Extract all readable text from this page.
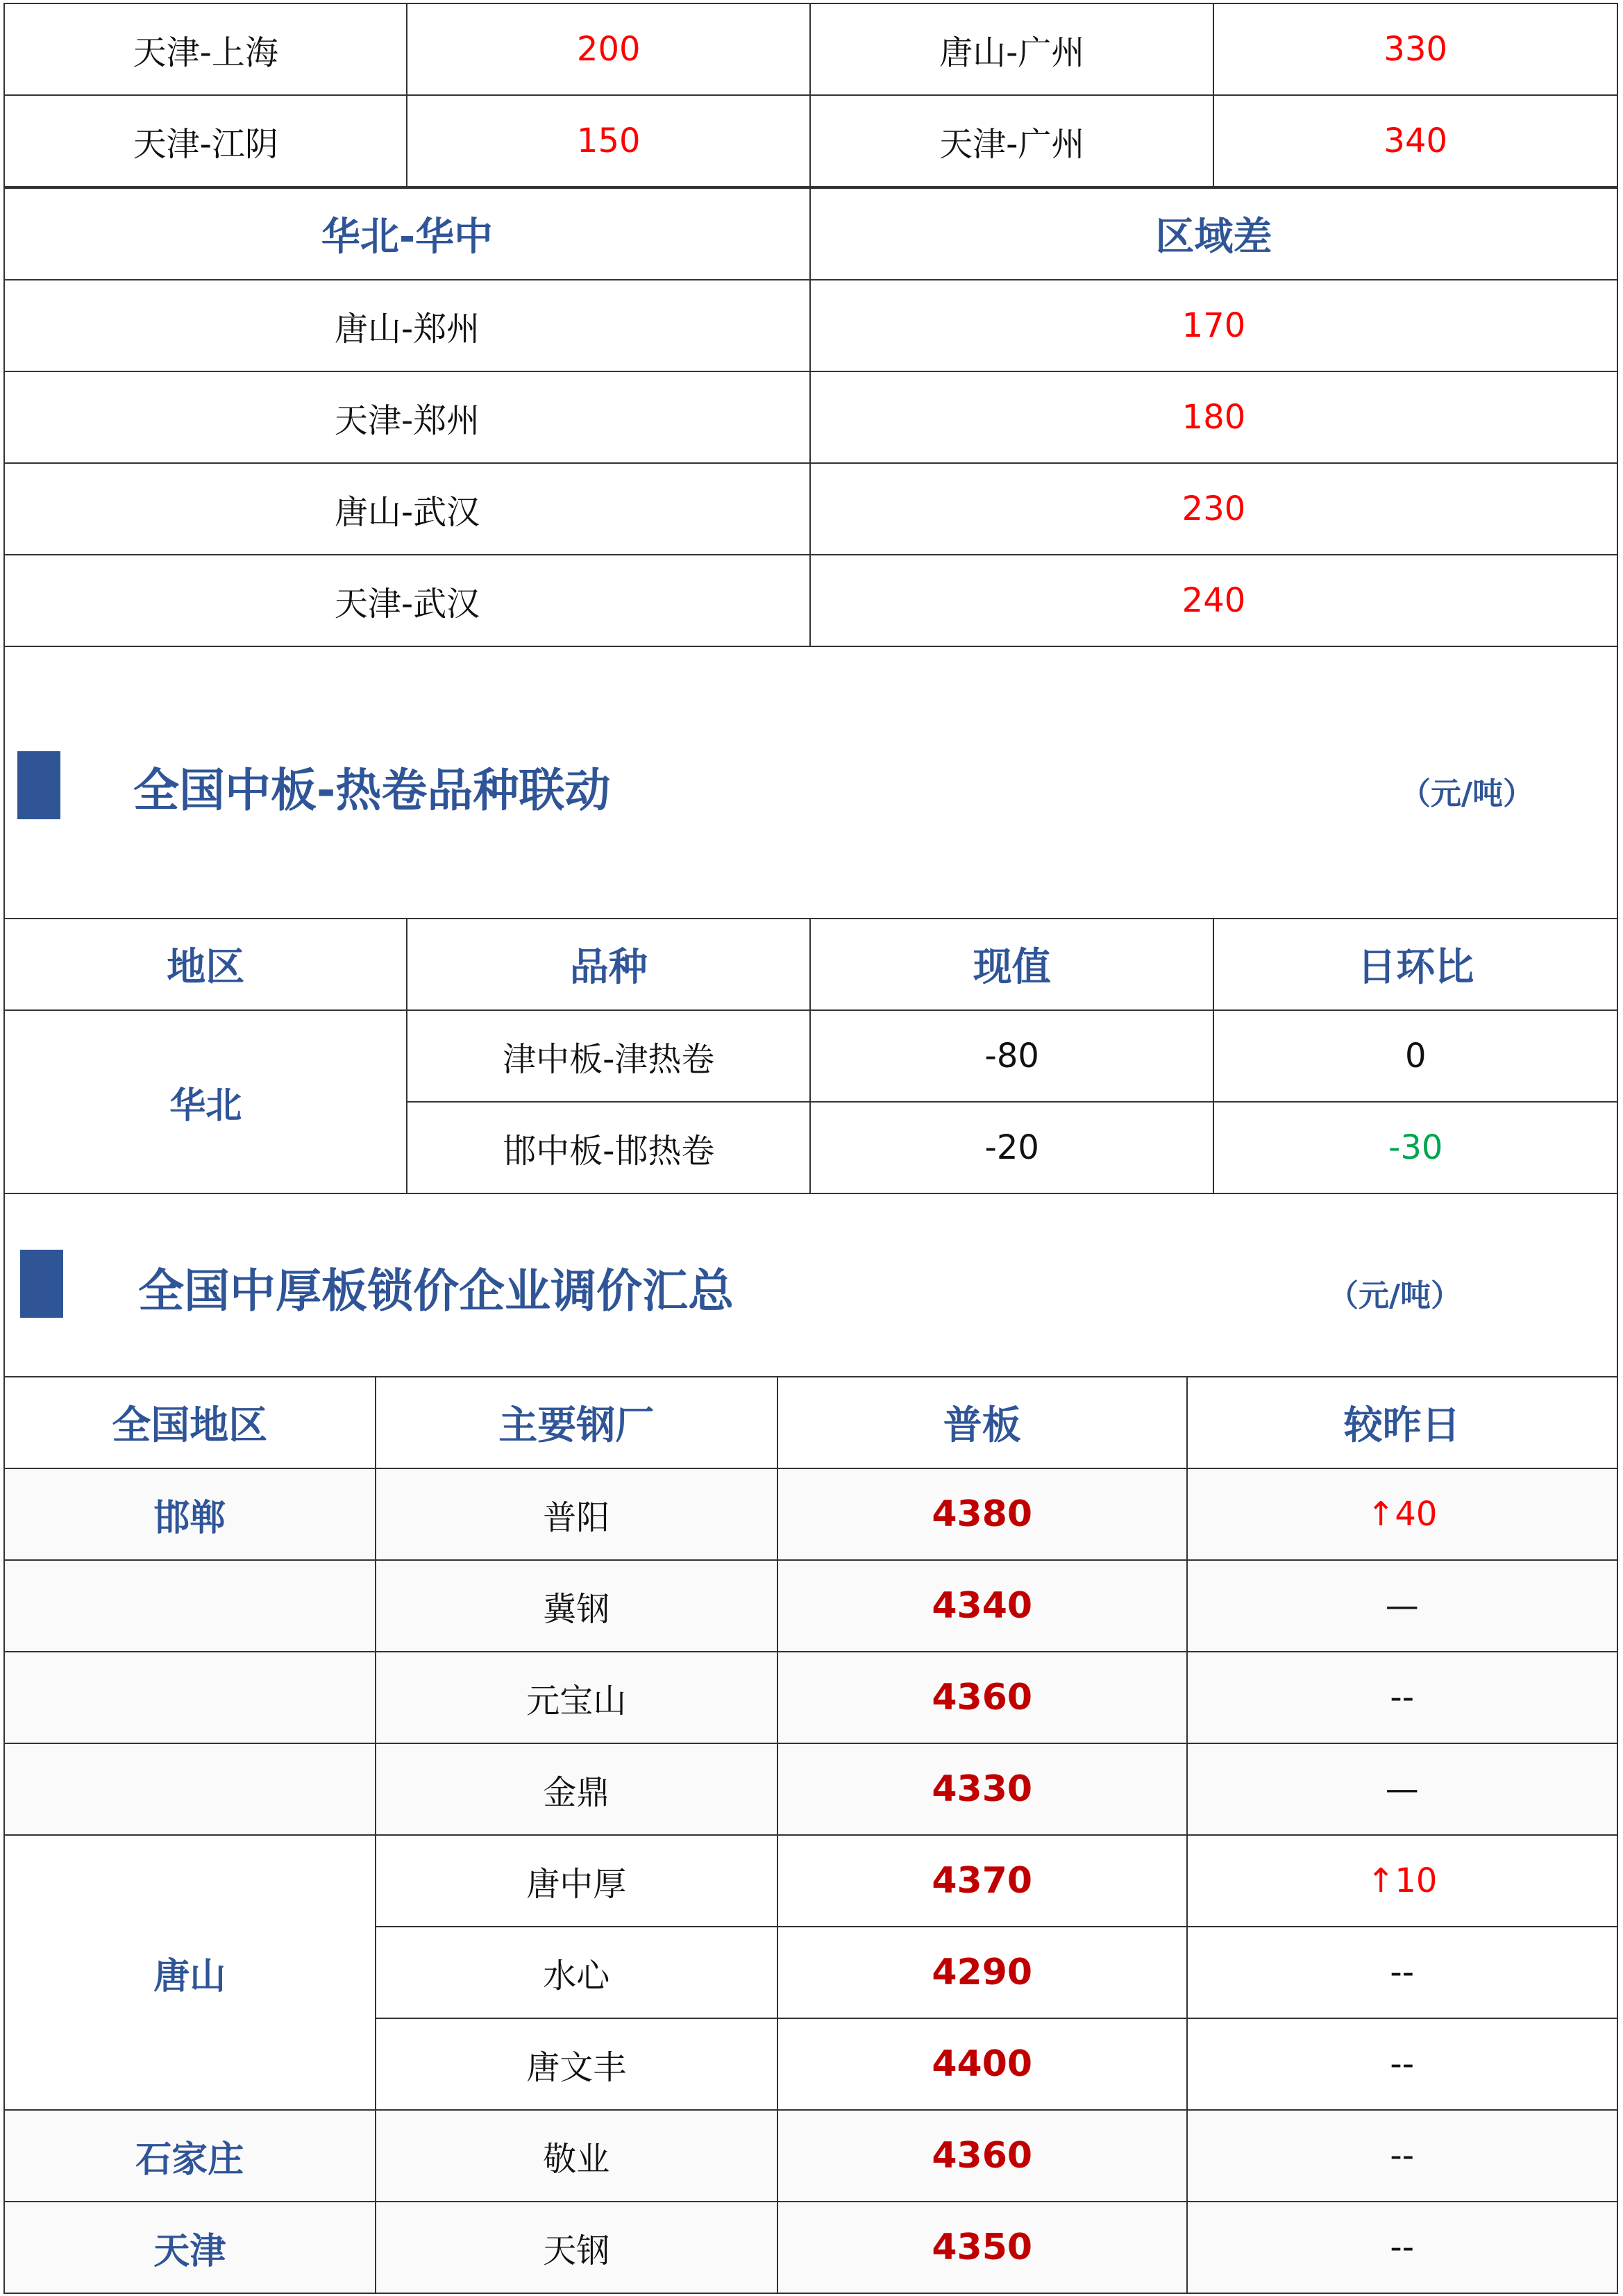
天津-上海	200	唐山-广州	330
天津-江阴	150	天津-广州	340
华北-华中	区域差
唐山-郑州	170
天津-郑州	180
唐山-武汉	230
天津-武汉	240
全国中板-热卷品种联动	（元/吨）
地区	品种	现值	日环比
华北	津中板-津热卷	-80	0
	邯中板-邯热卷	-20	-30
全国中厚板锁价企业调价汇总	（元/吨）
全国地区	主要钢厂	普板	较昨日
邯郸	普阳	4380	↑40
	冀钢	4340	—
	元宝山	4360	--
	金鼎	4330	—
唐山	唐中厚	4370	↑10
	水心	4290	--
	唐文丰	4400	--
石家庄	敬业	4360	--
天津	天钢	4350	--
